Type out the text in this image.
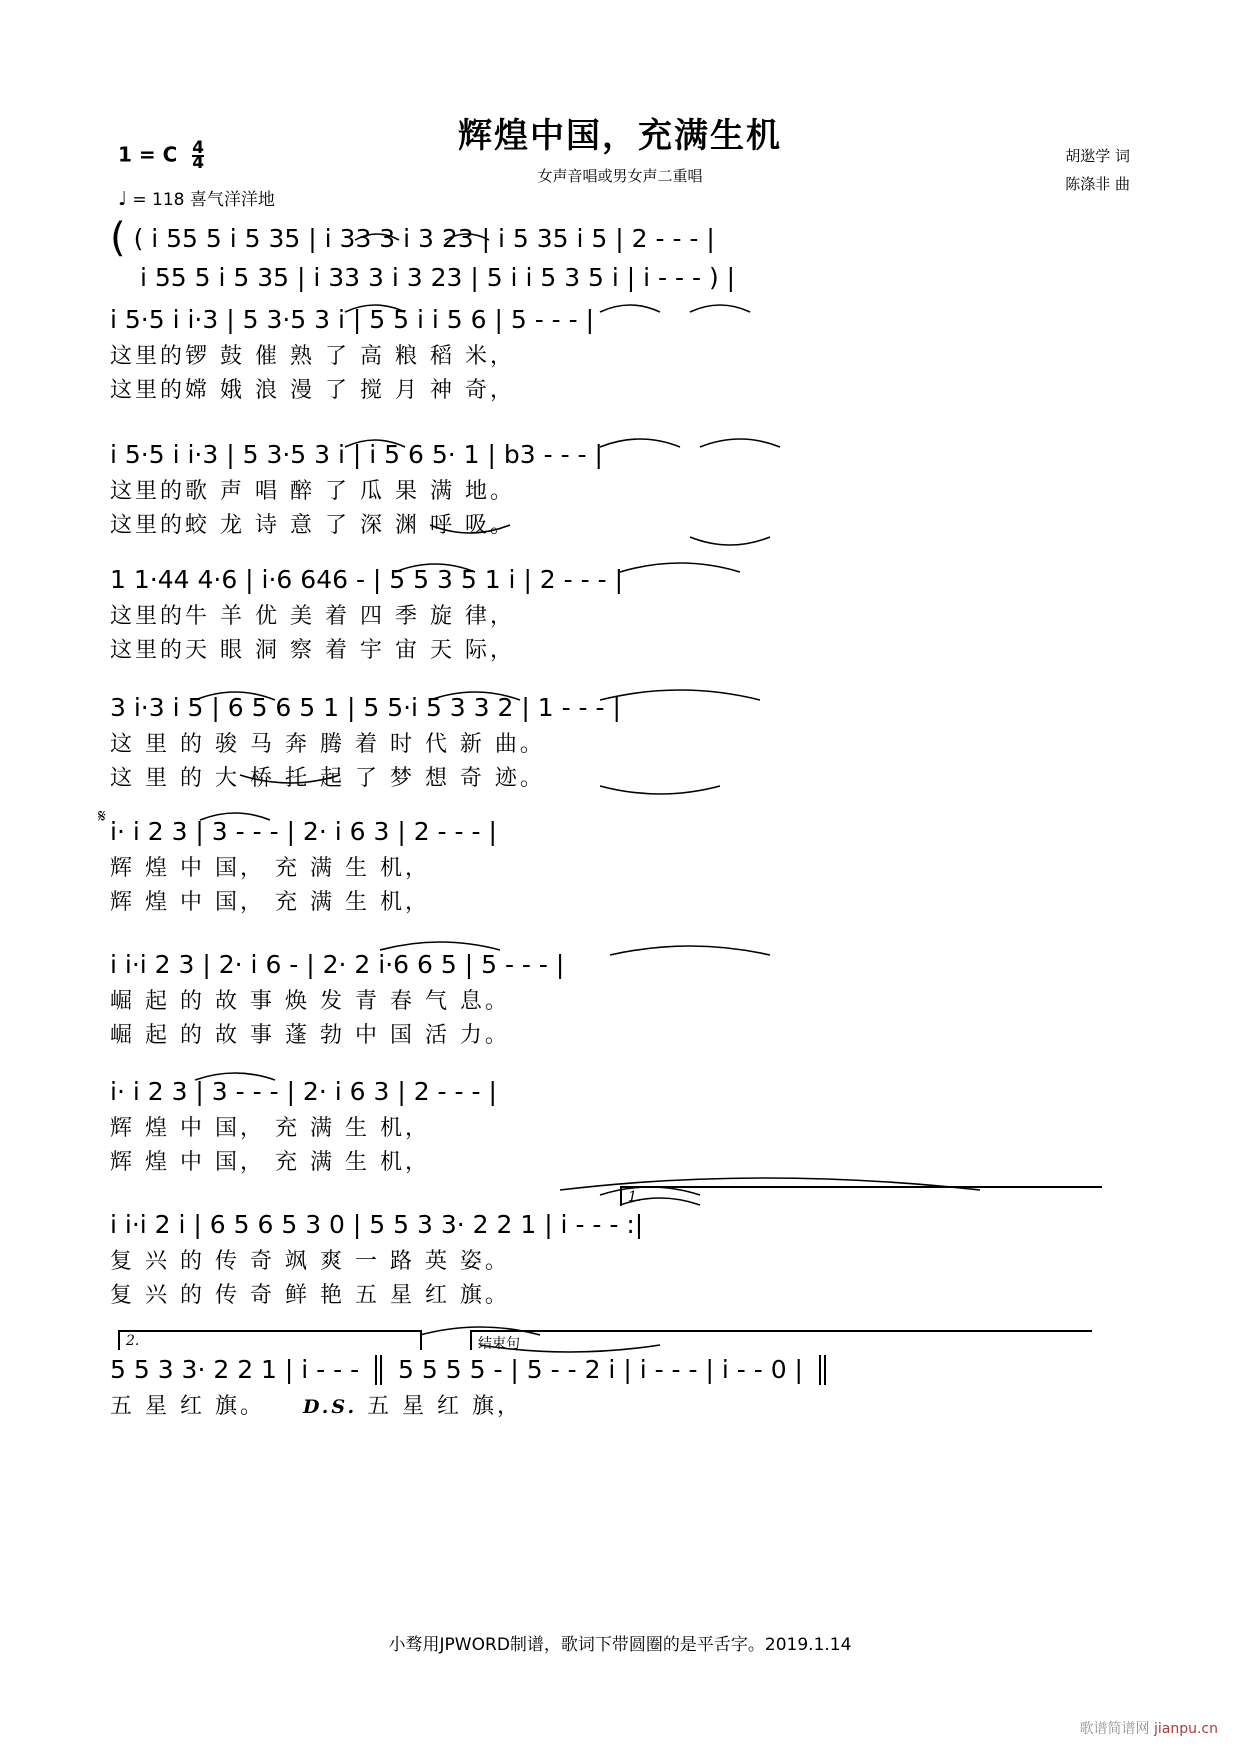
1 = C $\frac{4}{4}$
♩ = 118 喜气洋洋地
辉煌中国，充满生机
女声音唱或男女声二重唱
胡逖学 词
陈涤非 曲
( ( i 55 5 i 5 35 | i 33 3 i 3 23 | i 5 35 i 5 | 2 - - - |
i 55 5 i 5 35 | i 33 3 i 3 23 | 5 i i 5 3 5 i | i - - - ) |
i 5·5 i i·3 | 5 3·5 3 i | 5 5 i i 5 6 | 5 - - - |
这里的锣 鼓 催 熟 了 高 粮 稻 米，
这里的嫦 娥 浪 漫 了 搅 月 神 奇，
i 5·5 i i·3 | 5 3·5 3 i | i 5 6 5· 1 | b3 - - - |
这里的歌 声 唱 醉 了 瓜 果 满 地。
这里的蛟 龙 诗 意 了 深 渊 呼 吸。
1 1·44 4·6 | i·6 646 - | 5 5 3 5 1 i | 2 - - - |
这里的牛 羊 优 美 着 四 季 旋 律，
这里的天 眼 洞 察 着 宇 宙 天 际，
3 i·3 i 5 | 6 5 6 5 1 | 5 5·i 5 3 3 2 | 1 - - - |
这 里 的 骏 马 奔 腾 着 时 代 新 曲。
这 里 的 大 桥 托 起 了 梦 想 奇 迹。
𝄋
i· i 2 3 | 3 - - - | 2· i 6 3 | 2 - - - |
辉 煌 中 国， 充 满 生 机，
辉 煌 中 国， 充 满 生 机，
i i·i 2 3 | 2· i 6 - | 2· 2 i·6 6 5 | 5 - - - |
崛 起 的 故 事 焕 发 青 春 气 息。
崛 起 的 故 事 蓬 勃 中 国 活 力。
i· i 2 3 | 3 - - - | 2· i 6 3 | 2 - - - |
辉 煌 中 国， 充 满 生 机，
辉 煌 中 国， 充 满 生 机，
1.
i i·i 2 i | 6 5 6 5 3 0 | 5 5 3 3· 2 2 1 | i - - - :|
复 兴 的 传 奇 飒 爽 一 路 英 姿。
复 兴 的 传 奇 鲜 艳 五 星 红 旗。
2.	结束句
5 5 3 3· 2 2 1 | i - - - 5 5 5 5 - | 5 - - 2 i | i - - - | i - - 0 |
五 星 红 旗。 D.S. 五 星 红 旗，
小骛用JPWORD制谱，歌词下带圆圈的是平舌字。2019.1.14
歌谱简谱网 jianpu.cn
